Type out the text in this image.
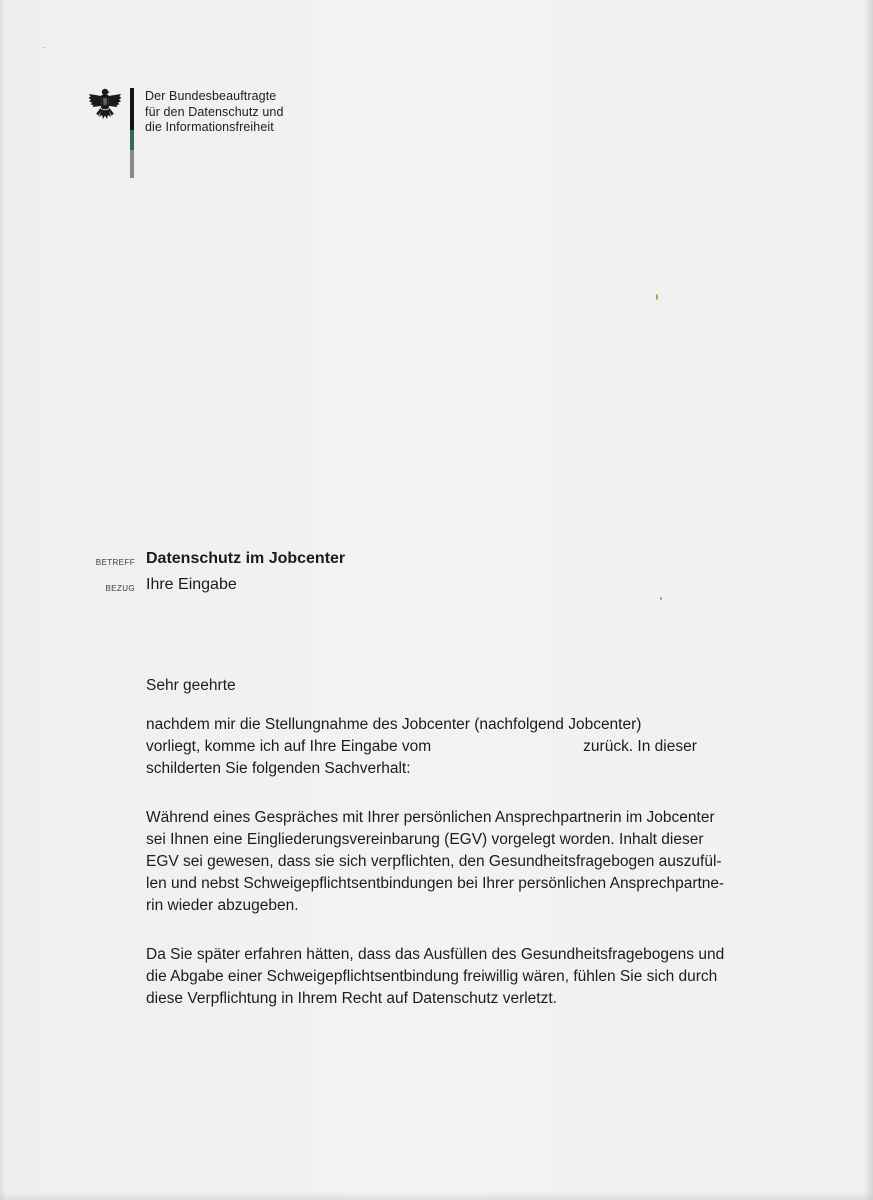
Der Bundesbeauftragte
für den Datenschutz und
die Informationsfreiheit
BETREFF Datenschutz im Jobcenter
BEZUG Ihre Eingabe
Sehr geehrte
nachdem mir die Stellungnahme des Jobcenter (nachfolgend Jobcenter)
vorliegt, komme ich auf Ihre Eingabe vom	zurück. In dieser
schilderten Sie folgenden Sachverhalt:
Während eines Gespräches mit Ihrer persönlichen Ansprechpartnerin im Jobcenter
sei Ihnen eine Eingliederungsvereinbarung (EGV) vorgelegt worden. Inhalt dieser
EGV sei gewesen, dass sie sich verpflichten, den Gesundheitsfragebogen auszufül-
len und nebst Schweigepflichtsentbindungen bei Ihrer persönlichen Ansprechpartne-
rin wieder abzugeben.
Da Sie später erfahren hätten, dass das Ausfüllen des Gesundheitsfragebogens und
die Abgabe einer Schweigepflichtsentbindung freiwillig wären, fühlen Sie sich durch
diese Verpflichtung in Ihrem Recht auf Datenschutz verletzt.
